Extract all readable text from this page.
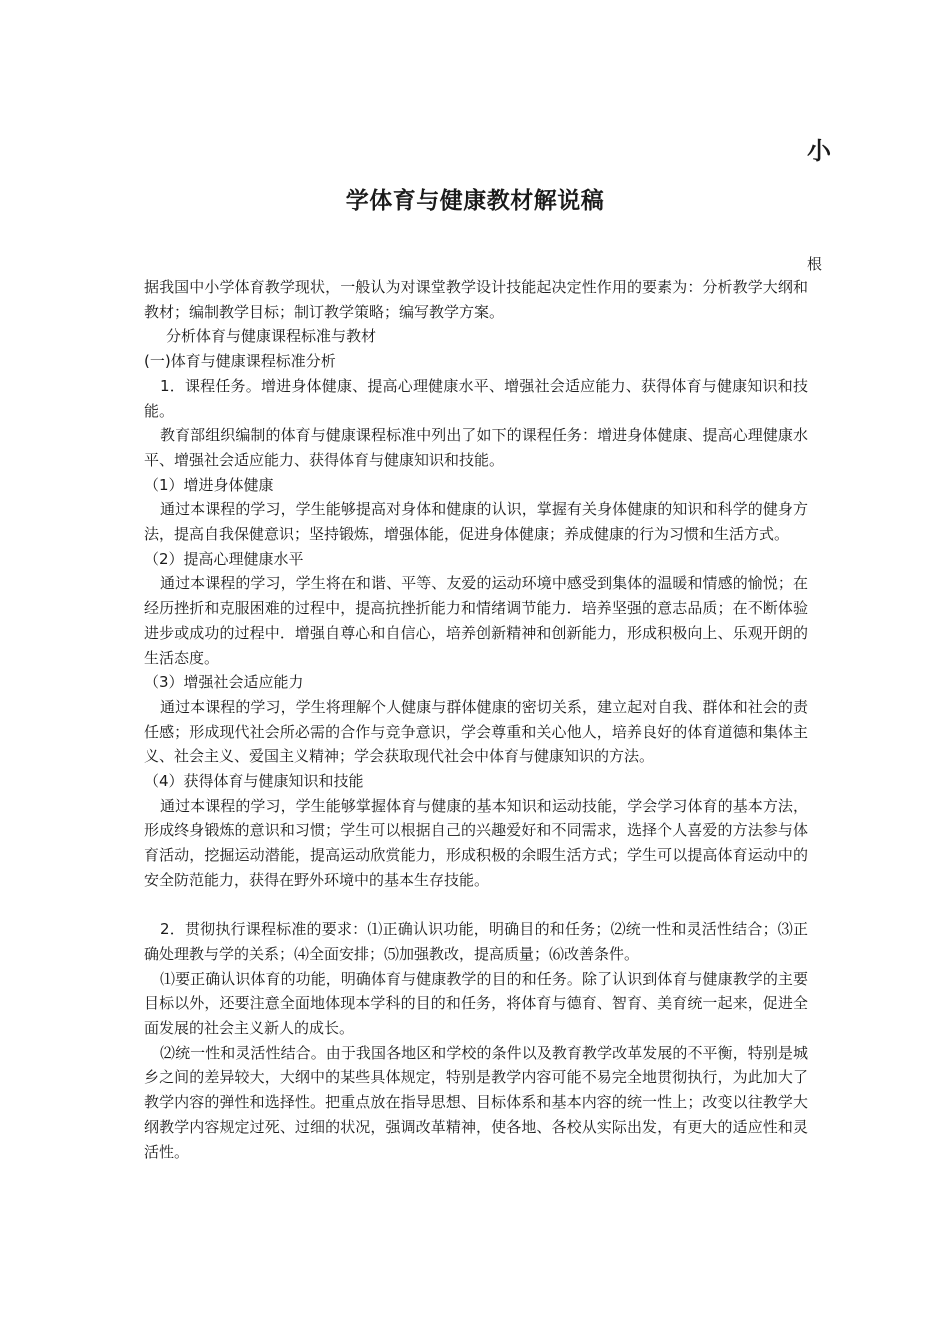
小
学体育与健康教材解说稿
根

据我国中小学体育教学现状，一般认为对课堂教学设计技能起决定性作用的要素为：分析教学大纲和教材；编制教学目标；制订教学策略；编写教学方案。

分析体育与健康课程标准与教材

(一)体育与健康课程标准分析

1．课程任务。增进身体健康、提高心理健康水平、增强社会适应能力、获得体育与健康知识和技能。

教育部组织编制的体育与健康课程标准中列出了如下的课程任务：增进身体健康、提高心理健康水平、增强社会适应能力、获得体育与健康知识和技能。

（1）增进身体健康

通过本课程的学习，学生能够提高对身体和健康的认识，掌握有关身体健康的知识和科学的健身方法，提高自我保健意识；坚持锻炼，增强体能，促进身体健康；养成健康的行为习惯和生活方式。

（2）提高心理健康水平

通过本课程的学习，学生将在和谐、平等、友爱的运动环境中感受到集体的温暖和情感的愉悦；在经历挫折和克服困难的过程中，提高抗挫折能力和情绪调节能力．培养坚强的意志品质；在不断体验进步或成功的过程中．增强自尊心和自信心，培养创新精神和创新能力，形成积极向上、乐观开朗的生活态度。

（3）增强社会适应能力

通过本课程的学习，学生将理解个人健康与群体健康的密切关系，建立起对自我、群体和社会的责任感；形成现代社会所必需的合作与竞争意识，学会尊重和关心他人，培养良好的体育道德和集体主义、社会主义、爱国主义精神；学会获取现代社会中体育与健康知识的方法。

（4）获得体育与健康知识和技能

通过本课程的学习，学生能够掌握体育与健康的基本知识和运动技能，学会学习体育的基本方法，形成终身锻炼的意识和习惯；学生可以根据自己的兴趣爱好和不同需求，选择个人喜爱的方法参与体育活动，挖掘运动潜能，提高运动欣赏能力，形成积极的余暇生活方式；学生可以提高体育运动中的安全防范能力，获得在野外环境中的基本生存技能。

2．贯彻执行课程标准的要求：⑴正确认识功能，明确目的和任务；⑵统一性和灵活性结合；⑶正确处理教与学的关系；⑷全面安排；⑸加强教改，提高质量；⑹改善条件。

⑴要正确认识体育的功能，明确体育与健康教学的目的和任务。除了认识到体育与健康教学的主要目标以外，还要注意全面地体现本学科的目的和任务，将体育与德育、智育、美育统一起来，促进全面发展的社会主义新人的成长。

⑵统一性和灵活性结合。由于我国各地区和学校的条件以及教育教学改革发展的不平衡，特别是城乡之间的差异较大，大纲中的某些具体规定，特别是教学内容可能不易完全地贯彻执行，为此加大了教学内容的弹性和选择性。把重点放在指导思想、目标体系和基本内容的统一性上；改变以往教学大纲教学内容规定过死、过细的状况，强调改革精神，使各地、各校从实际出发，有更大的适应性和灵活性。
